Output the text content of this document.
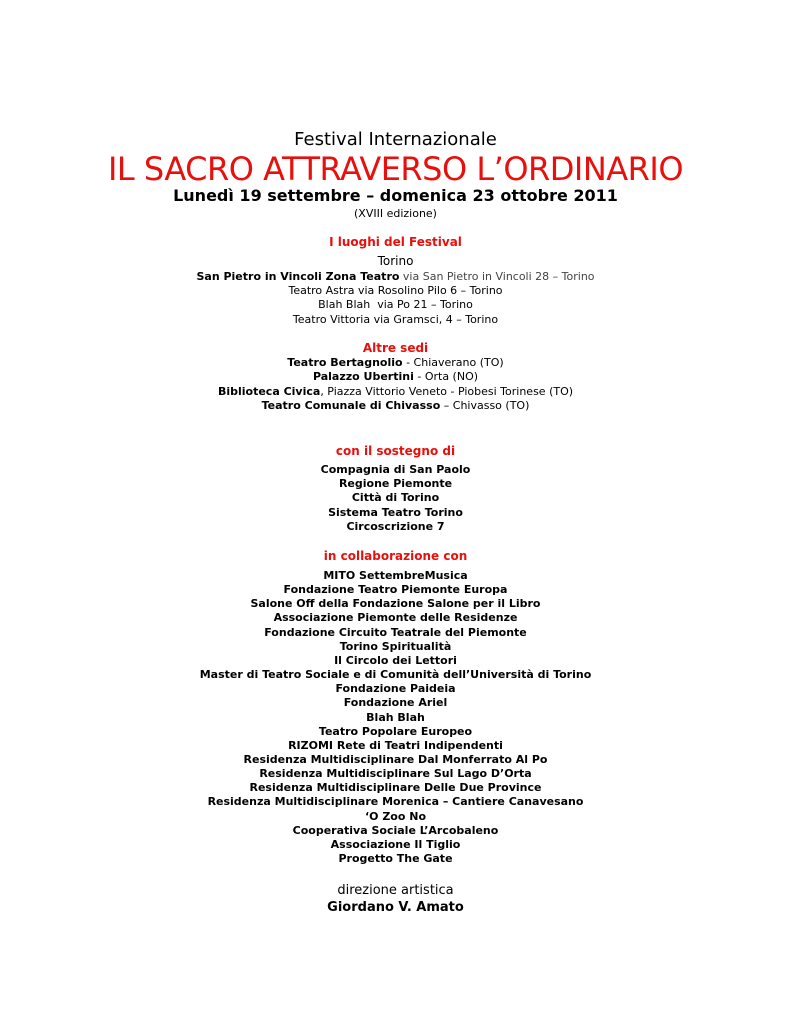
Festival Internazionale
IL SACRO ATTRAVERSO L’ORDINARIO
Lunedì 19 settembre – domenica 23 ottobre 2011
(XVIII edizione)
I luoghi del Festival
Torino
San Pietro in Vincoli Zona Teatro via San Pietro in Vincoli 28 – Torino
Teatro Astra via Rosolino Pilo 6 – Torino
Blah Blah  via Po 21 – Torino
Teatro Vittoria via Gramsci, 4 – Torino
Altre sedi
Teatro Bertagnolio - Chiaverano (TO)
Palazzo Ubertini - Orta (NO)
Biblioteca Civica, Piazza Vittorio Veneto - Piobesi Torinese (TO)
Teatro Comunale di Chivasso – Chivasso (TO)
con il sostegno di
Compagnia di San Paolo
Regione Piemonte
Città di Torino
Sistema Teatro Torino
Circoscrizione 7
in collaborazione con
MITO SettembreMusica
Fondazione Teatro Piemonte Europa
Salone Off della Fondazione Salone per il Libro
Associazione Piemonte delle Residenze
Fondazione Circuito Teatrale del Piemonte
Torino Spiritualità
Il Circolo dei Lettori
Master di Teatro Sociale e di Comunità dell’Università di Torino
Fondazione Paideia
Fondazione Ariel
Blah Blah
Teatro Popolare Europeo
RIZOMI Rete di Teatri Indipendenti
Residenza Multidisciplinare Dal Monferrato Al Po
Residenza Multidisciplinare Sul Lago D’Orta
Residenza Multidisciplinare Delle Due Province
Residenza Multidisciplinare Morenica – Cantiere Canavesano
‘O Zoo No
Cooperativa Sociale L’Arcobaleno
Associazione Il Tiglio
Progetto The Gate
direzione artistica
Giordano V. Amato
